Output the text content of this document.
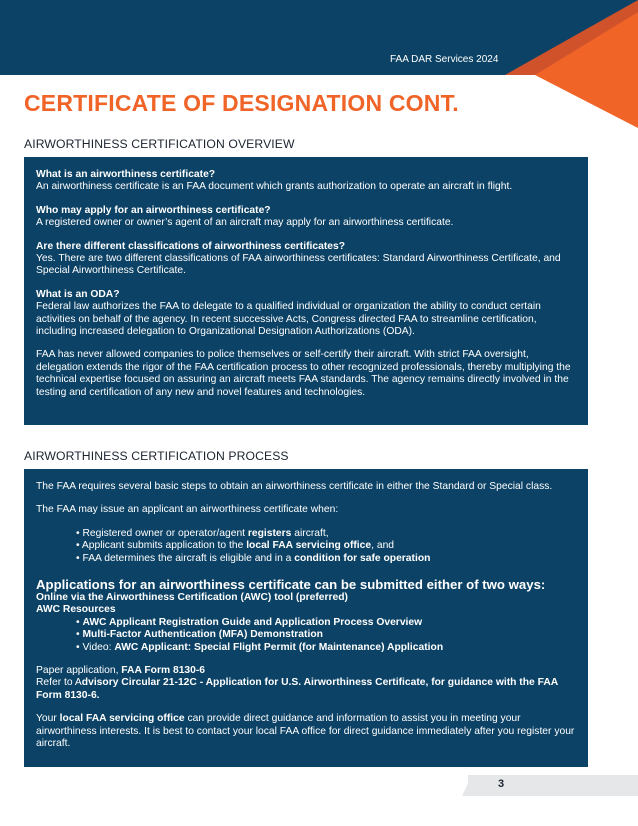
FAA DAR Services 2024
CERTIFICATE OF DESIGNATION CONT.
AIRWORTHINESS CERTIFICATION OVERVIEW
What is an airworthiness certificate?
An airworthiness certificate is an FAA document which grants authorization to operate an aircraft in flight.
Who may apply for an airworthiness certificate?
A registered owner or owner’s agent of an aircraft may apply for an airworthiness certificate.
Are there different classifications of airworthiness certificates?
Yes. There are two different classifications of FAA airworthiness certificates: Standard Airworthiness Certificate, and Special Airworthiness Certificate.
What is an ODA?
Federal law authorizes the FAA to delegate to a qualified individual or organization the ability to conduct certain activities on behalf of the agency. In recent successive Acts, Congress directed FAA to streamline certification, including increased delegation to Organizational Designation Authorizations (ODA).
FAA has never allowed companies to police themselves or self-certify their aircraft. With strict FAA oversight, delegation extends the rigor of the FAA certification process to other recognized professionals, thereby multiplying the technical expertise focused on assuring an aircraft meets FAA standards. The agency remains directly involved in the testing and certification of any new and novel features and technologies.
AIRWORTHINESS CERTIFICATION PROCESS
The FAA requires several basic steps to obtain an airworthiness certificate in either the Standard or Special class.
The FAA may issue an applicant an airworthiness certificate when:
• Registered owner or operator/agent registers aircraft,
• Applicant submits application to the local FAA servicing office, and
• FAA determines the aircraft is eligible and in a condition for safe operation
Applications for an airworthiness certificate can be submitted either of two ways:
Online via the Airworthiness Certification (AWC) tool (preferred)
AWC Resources
• AWC Applicant Registration Guide and Application Process Overview
• Multi-Factor Authentication (MFA) Demonstration
• Video: AWC Applicant: Special Flight Permit (for Maintenance) Application
Paper application, FAA Form 8130-6
Refer to Advisory Circular 21-12C - Application for U.S. Airworthiness Certificate, for guidance with the FAA Form 8130-6.
Your local FAA servicing office can provide direct guidance and information to assist you in meeting your airworthiness interests. It is best to contact your local FAA office for direct guidance immediately after you register your aircraft.
3
